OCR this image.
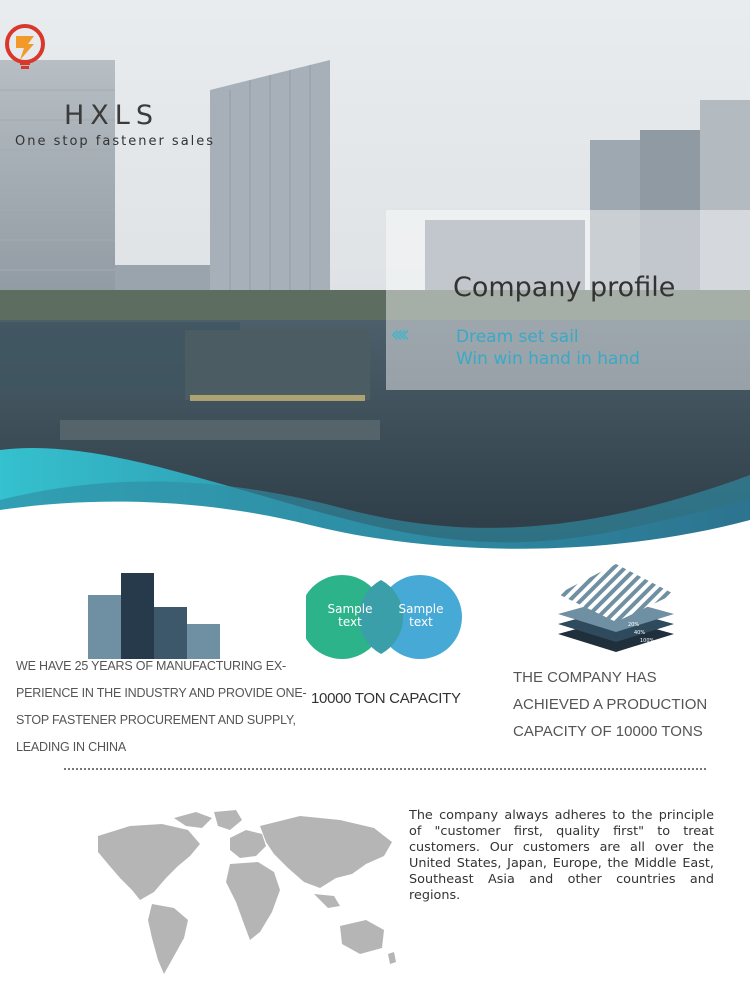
HXLS
One stop fastener sales
Company profile
‹‹‹‹	Dream set sail
Win win hand in hand
WE HAVE 25 YEARS OF MANUFACTURING EX-PERIENCE IN THE INDUSTRY AND PROVIDE ONE-STOP FASTENER PROCUREMENT AND SUPPLY, LEADING IN CHINA
Sample text
Sample text
10000 TON CAPACITY
20%
40%
100%
THE COMPANY HAS ACHIEVED A PRODUCTION CAPACITY OF 10000 TONS
The company always adheres to the principle of "customer first, quality first" to treat customers. Our customers are all over the United States, Japan, Europe, the Middle East, Southeast Asia and other countries and regions.
